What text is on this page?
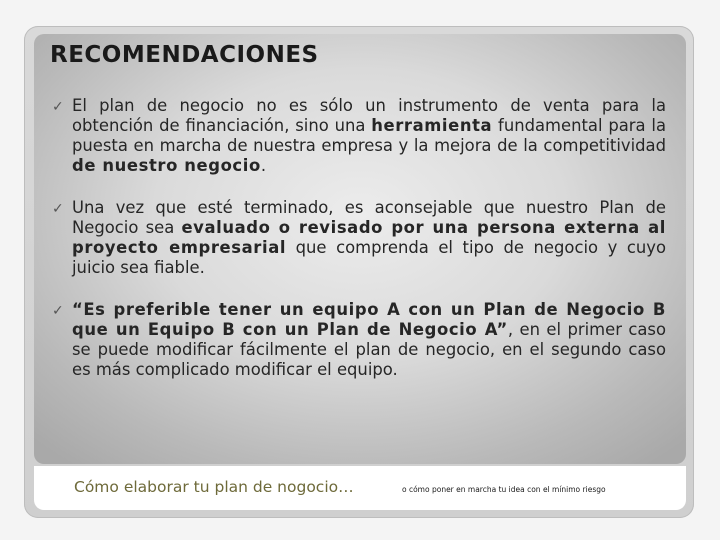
RECOMENDACIONES
✓ El plan de negocio no es sólo un instrumento de venta para la obtención de financiación, sino una herramienta fundamental para la puesta en marcha de nuestra empresa y la mejora de la competitividad de nuestro negocio.
✓ Una vez que esté terminado, es aconsejable que nuestro Plan de Negocio sea evaluado o revisado por una persona externa al proyecto empresarial que comprenda el tipo de negocio y cuyo juicio sea fiable.
✓ “Es preferible tener un equipo A con un Plan de Negocio B que un Equipo B con un Plan de Negocio A”, en el primer caso se puede modificar fácilmente el plan de negocio, en el segundo caso es más complicado modificar el equipo.
Cómo elaborar tu plan de nogocio…	o cómo poner en marcha tu idea con el mínimo riesgo
